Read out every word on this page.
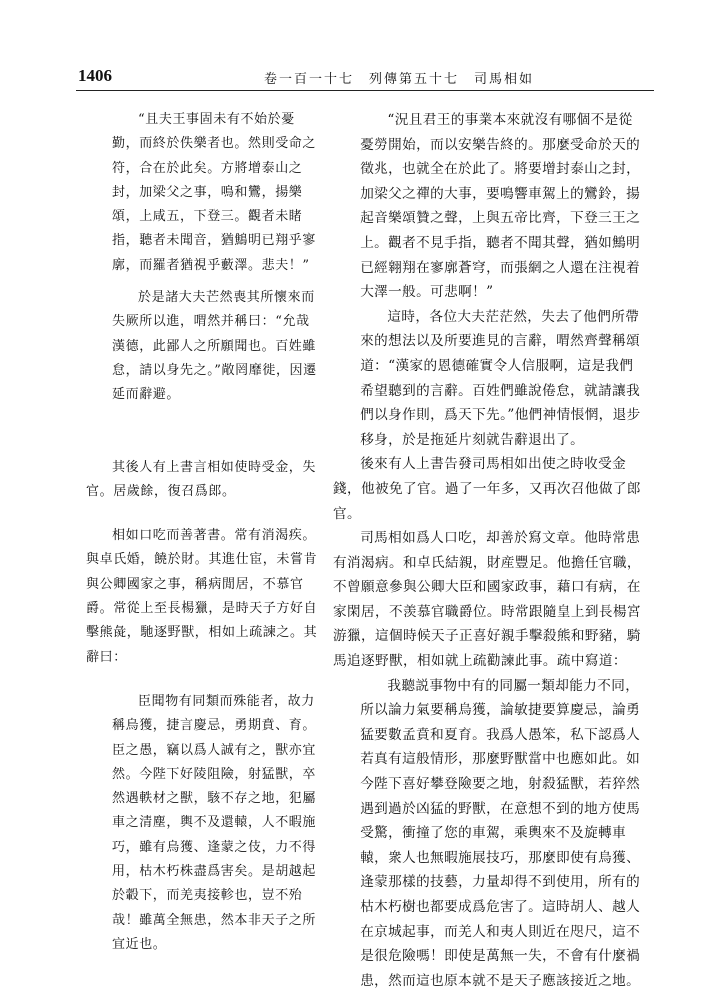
1406	卷一百一十七　列傳第五十七　司馬相如

“且夫王事固未有不始於憂勤，而終於佚樂者也。然則受命之符，合在於此矣。方將增泰山之封，加梁父之事，鳴和鸞，揚樂頌，上咸五，下登三。觀者未睹指，聽者未聞音，猶鷦明已翔乎寥廓，而羅者猶視乎藪澤。悲夫！”

於是諸大夫芒然喪其所懷來而失厥所以進，喟然并稱曰：“允哉漢德，此鄙人之所願聞也。百姓雖怠，請以身先之。”敞罔靡徙，因遷延而辭避。

其後人有上書言相如使時受金，失官。居歲餘，復召爲郎。

相如口吃而善著書。常有消渴疾。與卓氏婚，饒於財。其進仕宦，未嘗肯與公卿國家之事，稱病閒居，不慕官爵。常從上至長楊獵，是時天子方好自擊熊彘，馳逐野獸，相如上疏諫之。其辭曰：

臣聞物有同類而殊能者，故力稱烏獲，捷言慶忌，勇期賁、育。臣之愚，竊以爲人誠有之，獸亦宜然。今陛下好陵阻險，射猛獸，卒然遇軼材之獸，駭不存之地，犯屬車之清塵，輿不及還轅，人不暇施巧，雖有烏獲、逢蒙之伎，力不得用，枯木朽株盡爲害矣。是胡越起於轂下，而羌夷接軫也，豈不殆哉！雖萬全無患，然本非天子之所宜近也。

“況且君王的事業本來就沒有哪個不是從憂勞開始，而以安樂告終的。那麼受命於天的徵兆，也就全在於此了。將要增封泰山之封，加梁父之禪的大事，要鳴響車駕上的鸞鈴，揚起音樂頌贊之聲，上與五帝比齊，下登三王之上。觀者不見手指，聽者不聞其聲，猶如鷦明已經翱翔在寥廓蒼穹，而張網之人還在注視着大澤一般。可悲啊！”

這時，各位大夫茫茫然，失去了他們所帶來的想法以及所要進見的言辭，喟然齊聲稱頌道：“漢家的恩德確實令人信服啊，這是我們希望聽到的言辭。百姓們雖說倦怠，就請讓我們以身作則，爲天下先。”他們神情悵惘，退步移身，於是拖延片刻就告辭退出了。

後來有人上書告發司馬相如出使之時收受金錢，他被免了官。過了一年多，又再次召他做了郎官。

司馬相如爲人口吃，却善於寫文章。他時常患有消渴病。和卓氏結親，財産豐足。他擔任官職，不曾願意參與公卿大臣和國家政事，藉口有病，在家閑居，不羡慕官職爵位。時常跟隨皇上到長楊宮游獵，這個時候天子正喜好親手擊殺熊和野豬，騎馬追逐野獸，相如就上疏勸諫此事。疏中寫道：

我聽説事物中有的同屬一類却能力不同，所以論力氣要稱烏獲，論敏捷要算慶忌，論勇猛要數孟賁和夏育。我爲人愚笨，私下認爲人若真有這般情形，那麼野獸當中也應如此。如今陛下喜好攀登險要之地，射殺猛獸，若猝然遇到過於凶猛的野獸，在意想不到的地方使馬受驚，衝撞了您的車駕，乘輿來不及旋轉車轅，衆人也無暇施展技巧，那麼即使有烏獲、逢蒙那樣的技藝，力量却得不到使用，所有的枯木朽樹也都要成爲危害了。這時胡人、越人在京城起事，而羌人和夷人則近在咫尺，這不是很危險嗎！即使是萬無一失，不會有什麼禍患，然而這也原本就不是天子應該接近之地。
